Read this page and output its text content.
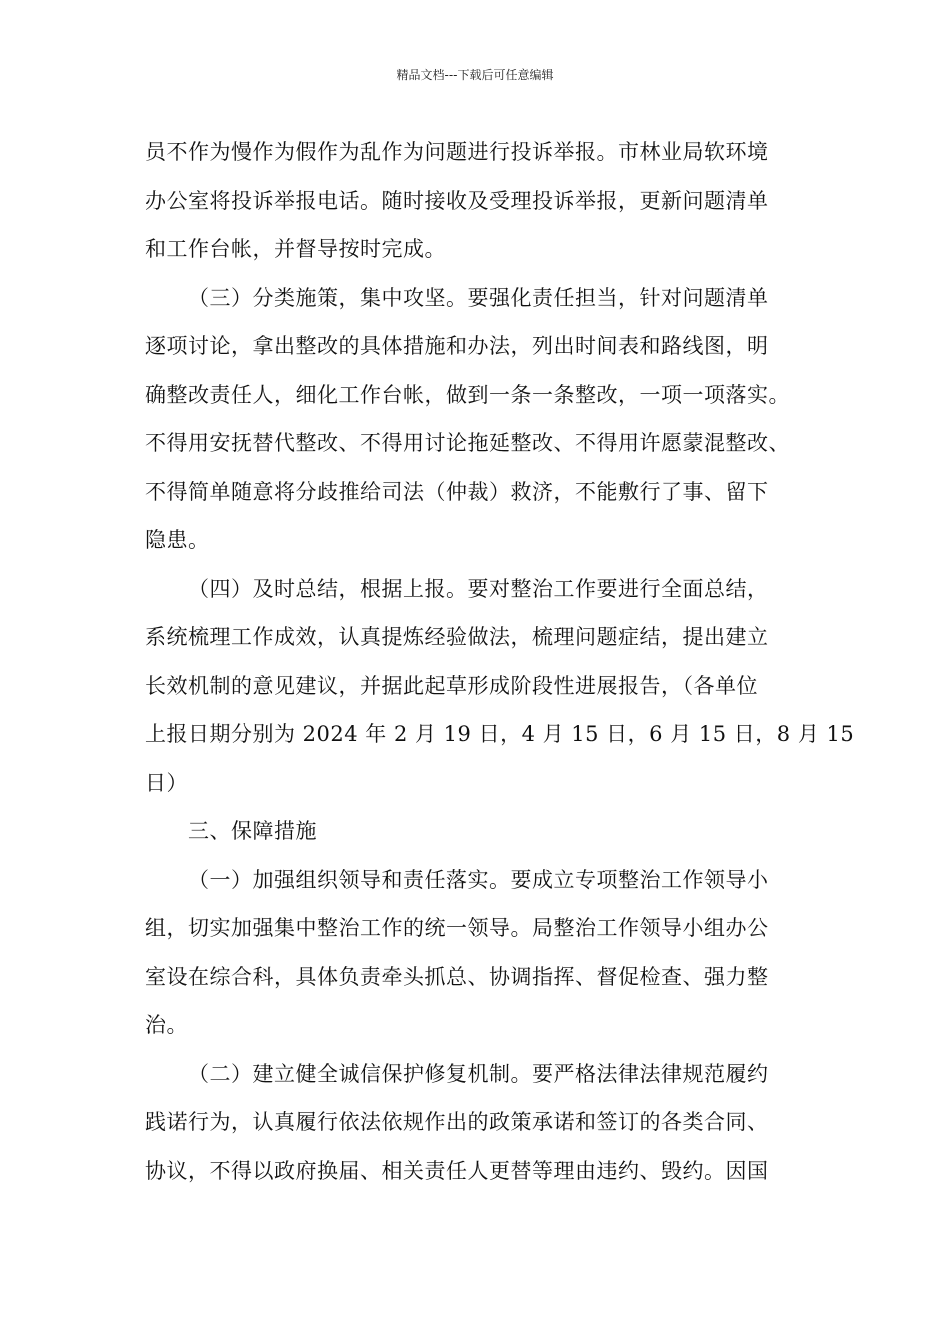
精品文档---下载后可任意编辑
员不作为慢作为假作为乱作为问题进行投诉举报。市林业局软环境
办公室将投诉举报电话。随时接收及受理投诉举报，更新问题清单
和工作台帐，并督导按时完成。
（三）分类施策，集中攻坚。要强化责任担当，针对问题清单
逐项讨论，拿出整改的具体措施和办法，列出时间表和路线图，明
确整改责任人，细化工作台帐，做到一条一条整改，一项一项落实。
不得用安抚替代整改、不得用讨论拖延整改、不得用许愿蒙混整改、
不得简单随意将分歧推给司法（仲裁）救济，不能敷行了事、留下
隐患。
（四）及时总结，根据上报。要对整治工作要进行全面总结，
系统梳理工作成效，认真提炼经验做法，梳理问题症结，提出建立
长效机制的意见建议，并据此起草形成阶段性进展报告，（各单位
上报日期分别为 2024 年 2 月 19 日，4 月 15 日，6 月 15 日，8 月 15
日）
三、保障措施
（一）加强组织领导和责任落实。要成立专项整治工作领导小
组，切实加强集中整治工作的统一领导。局整治工作领导小组办公
室设在综合科，具体负责牵头抓总、协调指挥、督促检查、强力整
治。
（二）建立健全诚信保护修复机制。要严格法律法律规范履约
践诺行为，认真履行依法依规作出的政策承诺和签订的各类合同、
协议，不得以政府换届、相关责任人更替等理由违约、毁约。因国
